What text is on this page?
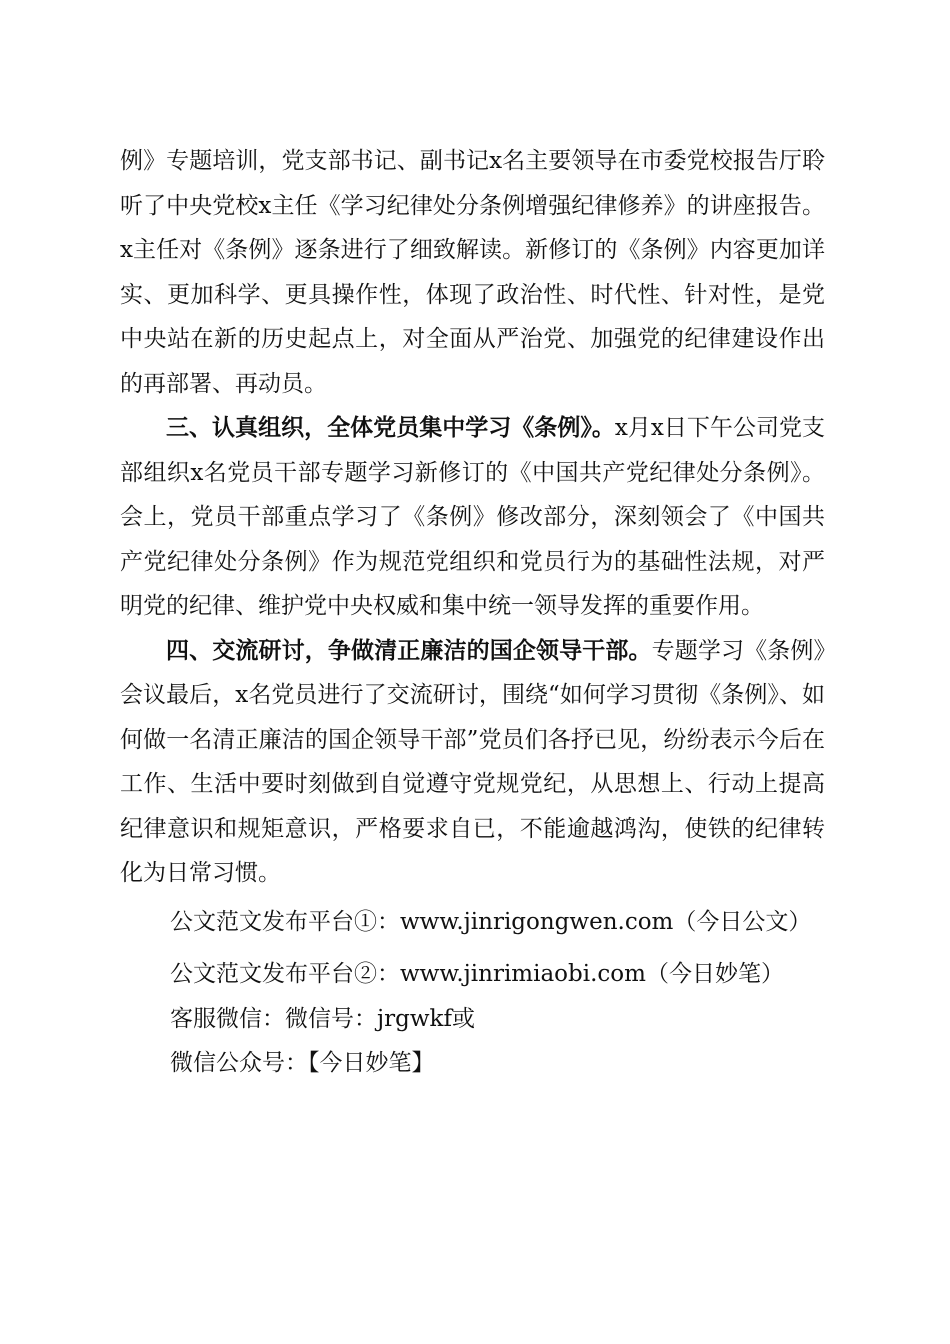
例》专题培训，党支部书记、副书记x名主要领导在市委党校报告厅聆听了中央党校x主任《学习纪律处分条例增强纪律修养》的讲座报告。x主任对《条例》逐条进行了细致解读。新修订的《条例》内容更加详实、更加科学、更具操作性，体现了政治性、时代性、针对性，是党中央站在新的历史起点上，对全面从严治党、加强党的纪律建设作出的再部署、再动员。

三、认真组织，全体党员集中学习《条例》。x月x日下午公司党支部组织x名党员干部专题学习新修订的《中国共产党纪律处分条例》。会上，党员干部重点学习了《条例》修改部分，深刻领会了《中国共产党纪律处分条例》作为规范党组织和党员行为的基础性法规，对严明党的纪律、维护党中央权威和集中统一领导发挥的重要作用。

四、交流研讨，争做清正廉洁的国企领导干部。专题学习《条例》会议最后，x名党员进行了交流研讨，围绕“如何学习贯彻《条例》、如何做一名清正廉洁的国企领导干部”党员们各抒已见，纷纷表示今后在工作、生活中要时刻做到自觉遵守党规党纪，从思想上、行动上提高纪律意识和规矩意识，严格要求自已，不能逾越鸿沟，使铁的纪律转化为日常习惯。

公文范文发布平台①：www.jinrigongwen.com（今日公文）
公文范文发布平台②：www.jinrimiaobi.com（今日妙笔）
客服微信：微信号：jrgwkf或
微信公众号：【今日妙笔】
